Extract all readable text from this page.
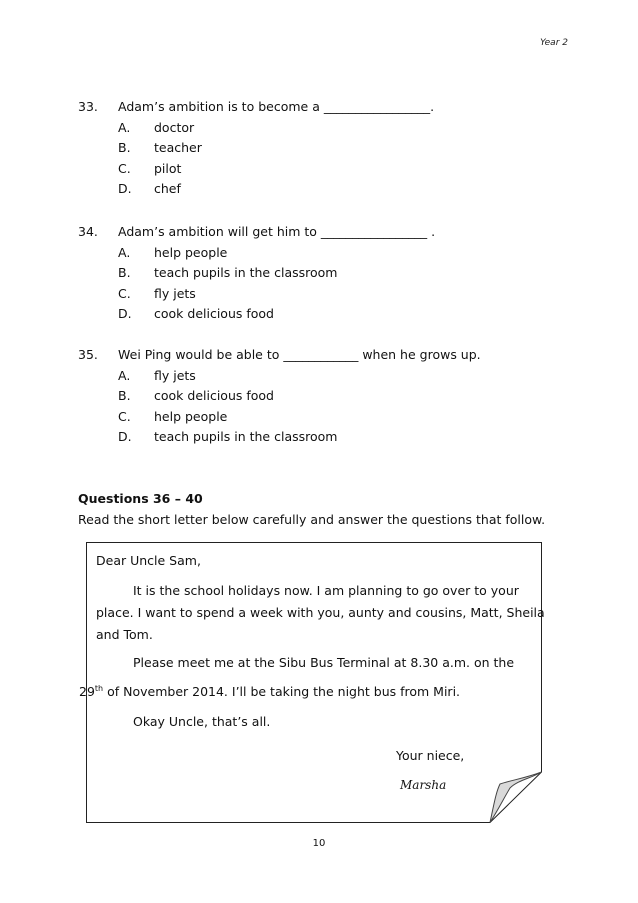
Year 2
33. Adam’s ambition is to become a _________________.
A. doctor
B. teacher
C. pilot
D. chef
34. Adam’s ambition will get him to _________________ .
A. help people
B. teach pupils in the classroom
C. fly jets
D. cook delicious food
35. Wei Ping would be able to ____________ when he grows up.
A. fly jets
B. cook delicious food
C. help people
D. teach pupils in the classroom
Questions 36 – 40
Read the short letter below carefully and answer the questions that follow.
Dear Uncle Sam,
It is the school holidays now. I am planning to go over to your
place. I want to spend a week with you, aunty and cousins, Matt, Sheila
and Tom.
Please meet me at the Sibu Bus Terminal at 8.30 a.m. on the
29th of November 2014. I’ll be taking the night bus from Miri.
Okay Uncle, that’s all.
Your niece,
Marsha
10
